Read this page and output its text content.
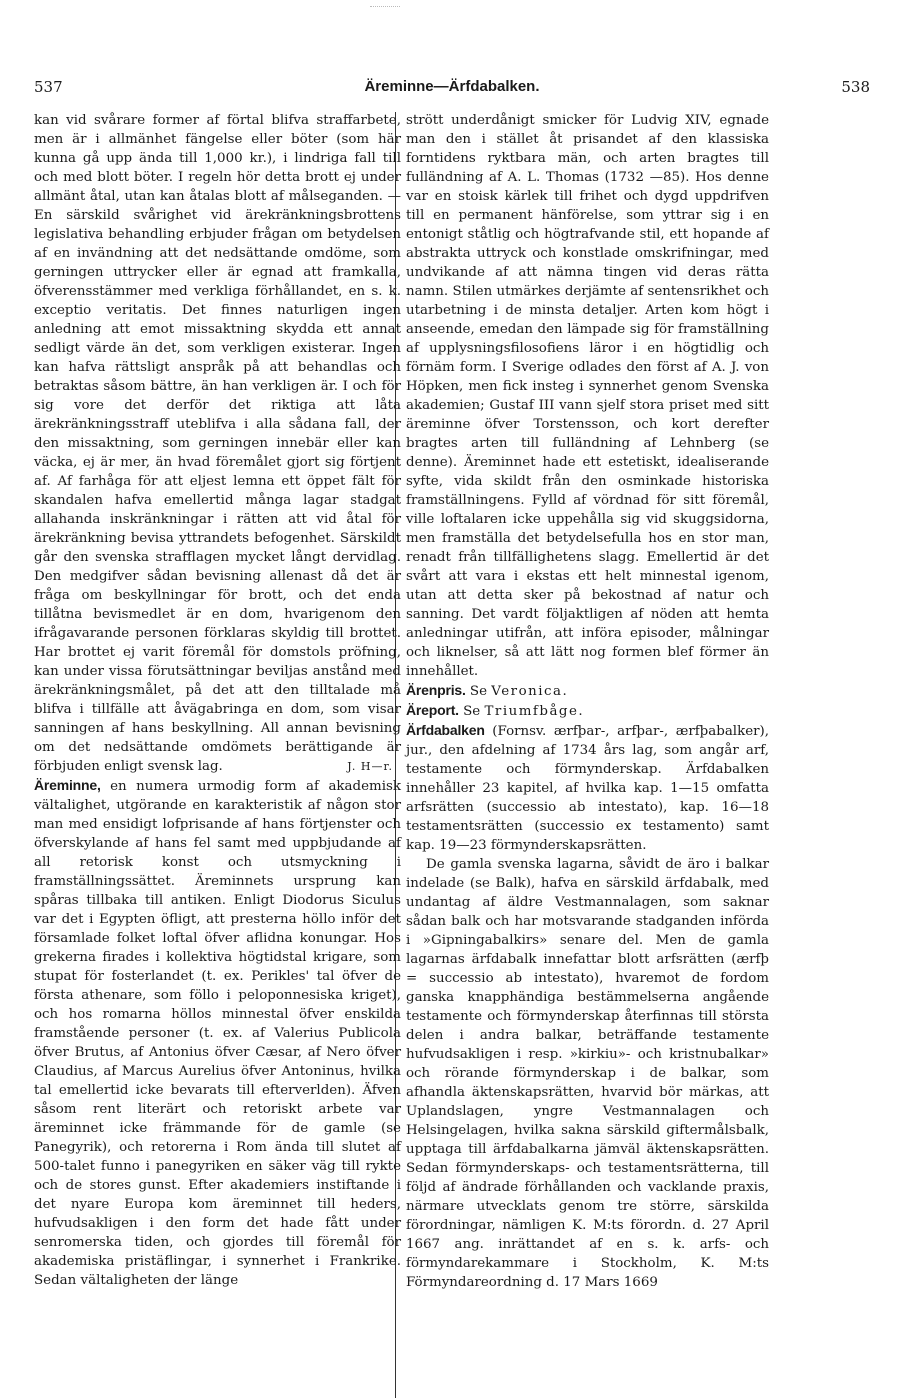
537	Äreminne—Ärfdabalken.	538

kan vid svårare former af förtal blifva straffarbete, men är i allmänhet fängelse eller böter (som här kunna gå upp ända till 1,000 kr.), i lindriga fall till och med blott böter. I regeln hör detta brott ej under allmänt åtal, utan kan åtalas blott af målseganden. — En särskild svårighet vid ärekränkningsbrottens legislativa behandling erbjuder frågan om betydelsen af en invändning att det nedsättande omdöme, som gerningen uttrycker eller är egnad att framkalla, öfverensstämmer med verkliga förhållandet, en s. k. exceptio veritatis. Det finnes naturligen ingen anledning att emot missaktning skydda ett annat sedligt värde än det, som verkligen existerar. Ingen kan hafva rättsligt anspråk på att behandlas och betraktas såsom bättre, än han verkligen är. I och för sig vore det derför det riktiga att låta ärekränkningsstraff uteblifva i alla sådana fall, der den missaktning, som gerningen innebär eller kan väcka, ej är mer, än hvad föremålet gjort sig förtjent af. Af farhåga för att eljest lemna ett öppet fält för skandalen hafva emellertid många lagar stadgat allahanda inskränkningar i rätten att vid åtal för ärekränkning bevisa yttrandets befogenhet. Särskildt går den svenska strafflagen mycket långt dervidlag. Den medgifver sådan bevisning allenast då det är fråga om beskyllningar för brott, och det enda tillåtna bevismedlet är en dom, hvarigenom den ifrågavarande personen förklaras skyldig till brottet. Har brottet ej varit föremål för domstols pröfning, kan under vissa förutsättningar beviljas anstånd med ärekränkningsmålet, på det att den tilltalade må blifva i tillfälle att åvägabringa en dom, som visar sanningen af hans beskyllning. All annan bevisning om det nedsättande omdömets berättigande är förbjuden enligt svensk lag.	J. H—r.

Äreminne, en numera urmodig form af akademisk vältalighet, utgörande en karakteristik af någon stor man med ensidigt lofprisande af hans förtjenster och öfverskylande af hans fel samt med uppbjudande af all retorisk konst och utsmyckning i framställningssättet. Äreminnets ursprung kan spåras tillbaka till antiken. Enligt Diodorus Siculus var det i Egypten öfligt, att presterna höllo inför det församlade folket loftal öfver aflidna konungar. Hos grekerna firades i kollektiva högtidstal krigare, som stupat för fosterlandet (t. ex. Perikles' tal öfver de första athenare, som föllo i peloponnesiska kriget), och hos romarna höllos minnestal öfver enskilda framstående personer (t. ex. af Valerius Publicola öfver Brutus, af Antonius öfver Cæsar, af Nero öfver Claudius, af Marcus Aurelius öfver Antoninus, hvilka tal emellertid icke bevarats till efterverlden). Äfven såsom rent literärt och retoriskt arbete var äreminnet icke främmande för de gamle (se Panegyrik), och retorerna i Rom ända till slutet af 500-talet funno i panegyriken en säker väg till rykte och de stores gunst. Efter akademiers instiftande i det nyare Europa kom äreminnet till heders, hufvudsakligen i den form det hade fått under senromerska tiden, och gjordes till föremål för akademiska pristäflingar, i synnerhet i Frankrike. Sedan vältaligheten der länge

strött underdånigt smicker för Ludvig XIV, egnade man den i stället åt prisandet af den klassiska forntidens ryktbara män, och arten bragtes till fulländning af A. L. Thomas (1732 —85). Hos denne var en stoisk kärlek till frihet och dygd uppdrifven till en permanent hänförelse, som yttrar sig i en entonigt ståtlig och högtrafvande stil, ett hopande af abstrakta uttryck och konstlade omskrifningar, med undvikande af att nämna tingen vid deras rätta namn. Stilen utmärkes derjämte af sentensrikhet och utarbetning i de minsta detaljer. Arten kom högt i anseende, emedan den lämpade sig för framställning af upplysningsfilosofiens läror i en högtidlig och förnäm form. I Sverige odlades den först af A. J. von Höpken, men fick insteg i synnerhet genom Svenska akademien; Gustaf III vann sjelf stora priset med sitt äreminne öfver Torstensson, och kort derefter bragtes arten till fulländning af Lehnberg (se denne). Äreminnet hade ett estetiskt, idealiserande syfte, vida skildt från den osminkade historiska framställningens. Fylld af vördnad för sitt föremål, ville loftalaren icke uppehålla sig vid skuggsidorna, men framställa det betydelsefulla hos en stor man, renadt från tillfällighetens slagg. Emellertid är det svårt att vara i ekstas ett helt minnestal igenom, utan att detta sker på bekostnad af natur och sanning. Det vardt följaktligen af nöden att hemta anledningar utifrån, att införa episoder, målningar och liknelser, så att lätt nog formen blef förmer än innehållet.

Ärenpris. Se Veronica.

Äreport. Se Triumfbåge.

Ärfdabalken (Fornsv. ærfþar-, arfþar-, ærfþabalker), jur., den afdelning af 1734 års lag, som angår arf, testamente och förmynderskap. Ärfdabalken innehåller 23 kapitel, af hvilka kap. 1—15 omfatta arfsrätten (successio ab intestato), kap. 16—18 testamentsrätten (successio ex testamento) samt kap. 19—23 förmynderskapsrätten.

De gamla svenska lagarna, såvidt de äro i balkar indelade (se Balk), hafva en särskild ärfdabalk, med undantag af äldre Vestmannalagen, som saknar sådan balk och har motsvarande stadganden införda i »Gipningabalkirs» senare del. Men de gamla lagarnas ärfdabalk innefattar blott arfsrätten (ærfþ = successio ab intestato), hvaremot de fordom ganska knapphändiga bestämmelserna angående testamente och förmynderskap återfinnas till största delen i andra balkar, beträffande testamente hufvudsakligen i resp. »kirkiu»- och kristnubalkar» och rörande förmynderskap i de balkar, som afhandla äktenskapsrätten, hvarvid bör märkas, att Uplandslagen, yngre Vestmannalagen och Helsingelagen, hvilka sakna särskild giftermålsbalk, upptaga till ärfdabalkarna jämväl äktenskapsrätten. Sedan förmynderskaps- och testamentsrätterna, till följd af ändrade förhållanden och vacklande praxis, närmare utvecklats genom tre större, särskilda förordningar, nämligen K. M:ts förordn. d. 27 April 1667 ang. inrättandet af en s. k. arfs- och förmyndarekammare i Stockholm, K. M:ts Förmyndareordning d. 17 Mars 1669
